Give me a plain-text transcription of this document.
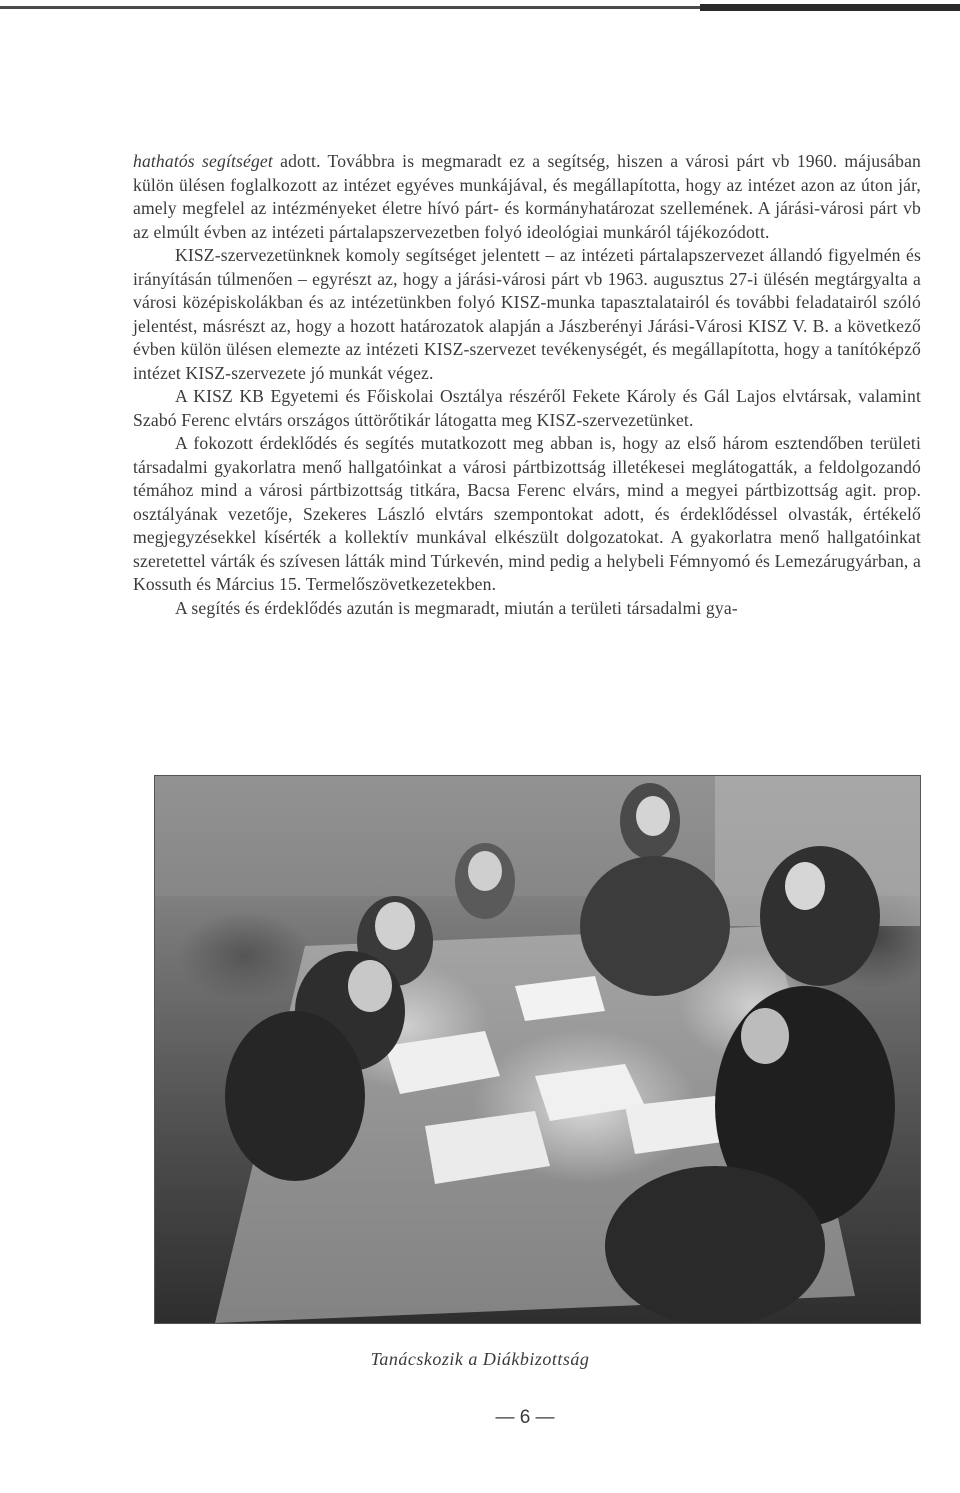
hathatós segítséget adott. Továbbra is megmaradt ez a segítség, hiszen a városi párt vb 1960. májusában külön ülésen foglalkozott az intézet egyéves munkájával, és megállapította, hogy az intézet azon az úton jár, amely megfelel az intézményeket életre hívó párt- és kormányhatározat szellemének. A járási-városi párt vb az elmúlt évben az intézeti pártalapszervezetben folyó ideológiai munkáról tájékozódott.

KISZ-szervezetünknek komoly segítséget jelentett – az intézeti pártalapszervezet állandó figyelmén és irányításán túlmenően – egyrészt az, hogy a járási-városi párt vb 1963. augusztus 27-i ülésén megtárgyalta a városi középiskolákban és az intézetünkben folyó KISZ-munka tapasztalatairól és további feladatairól szóló jelentést, másrészt az, hogy a hozott határozatok alapján a Jászberényi Járási-Városi KISZ V. B. a következő évben külön ülésen elemezte az intézeti KISZ-szervezet tevékenységét, és megállapította, hogy a tanítóképző intézet KISZ-szervezete jó munkát végez.

A KISZ KB Egyetemi és Főiskolai Osztálya részéről Fekete Károly és Gál Lajos elvtársak, valamint Szabó Ferenc elvtárs országos úttörőtikár látogatta meg KISZ-szervezetünket.

A fokozott érdeklődés és segítés mutatkozott meg abban is, hogy az első három esztendőben területi társadalmi gyakorlatra menő hallgatóinkat a városi pártbizottság illetékesei meglátogatták, a feldolgozandó témához mind a városi pártbizottság titkára, Bacsa Ferenc elvárs, mind a megyei pártbizottság agit. prop. osztályának vezetője, Szekeres László elvtárs szempontokat adott, és érdeklődéssel olvasták, értékelő megjegyzésekkel kísérték a kollektív munkával elkészült dolgozatokat. A gyakorlatra menő hallgatóinkat szeretettel várták és szívesen látták mind Túrkevén, mind pedig a helybeli Fémnyomó és Lemezárugyárban, a Kossuth és Március 15. Termelőszövetkezetekben.

A segítés és érdeklődés azután is megmaradt, miután a területi társadalmi gya-

Tanácskozik a Diákbizottság
— 6 —
